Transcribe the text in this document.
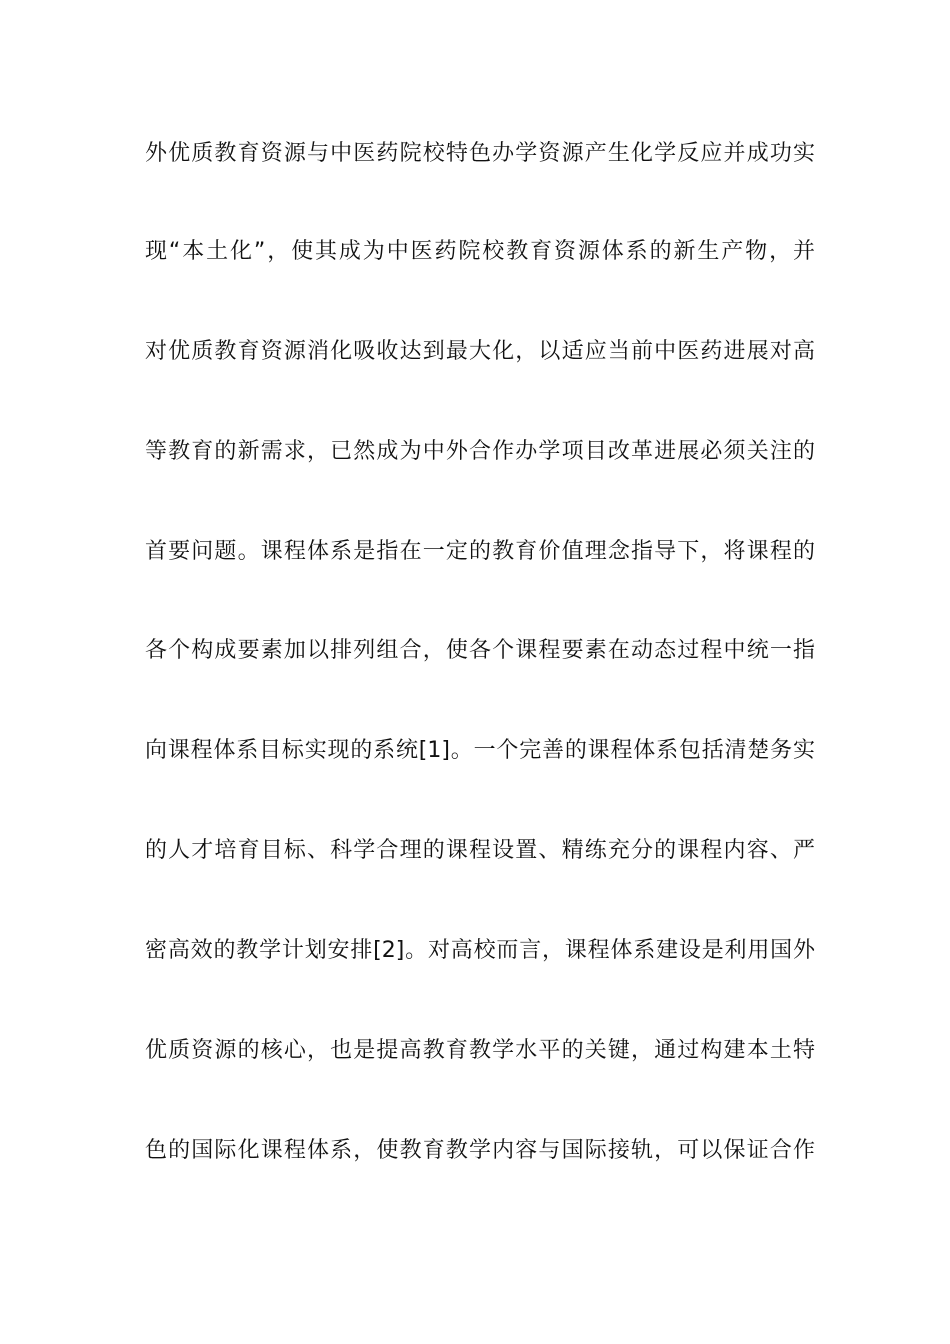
外优质教育资源与中医药院校特色办学资源产生化学反应并成功实
现“本土化”，使其成为中医药院校教育资源体系的新生产物，并
对优质教育资源消化吸收达到最大化，以适应当前中医药进展对高
等教育的新需求，已然成为中外合作办学项目改革进展必须关注的
首要问题。课程体系是指在一定的教育价值理念指导下，将课程的
各个构成要素加以排列组合，使各个课程要素在动态过程中统一指
向课程体系目标实现的系统[1]。一个完善的课程体系包括清楚务实
的人才培育目标、科学合理的课程设置、精练充分的课程内容、严
密高效的教学计划安排[2]。对高校而言，课程体系建设是利用国外
优质资源的核心，也是提高教育教学水平的关键，通过构建本土特
色的国际化课程体系，使教育教学内容与国际接轨，可以保证合作
